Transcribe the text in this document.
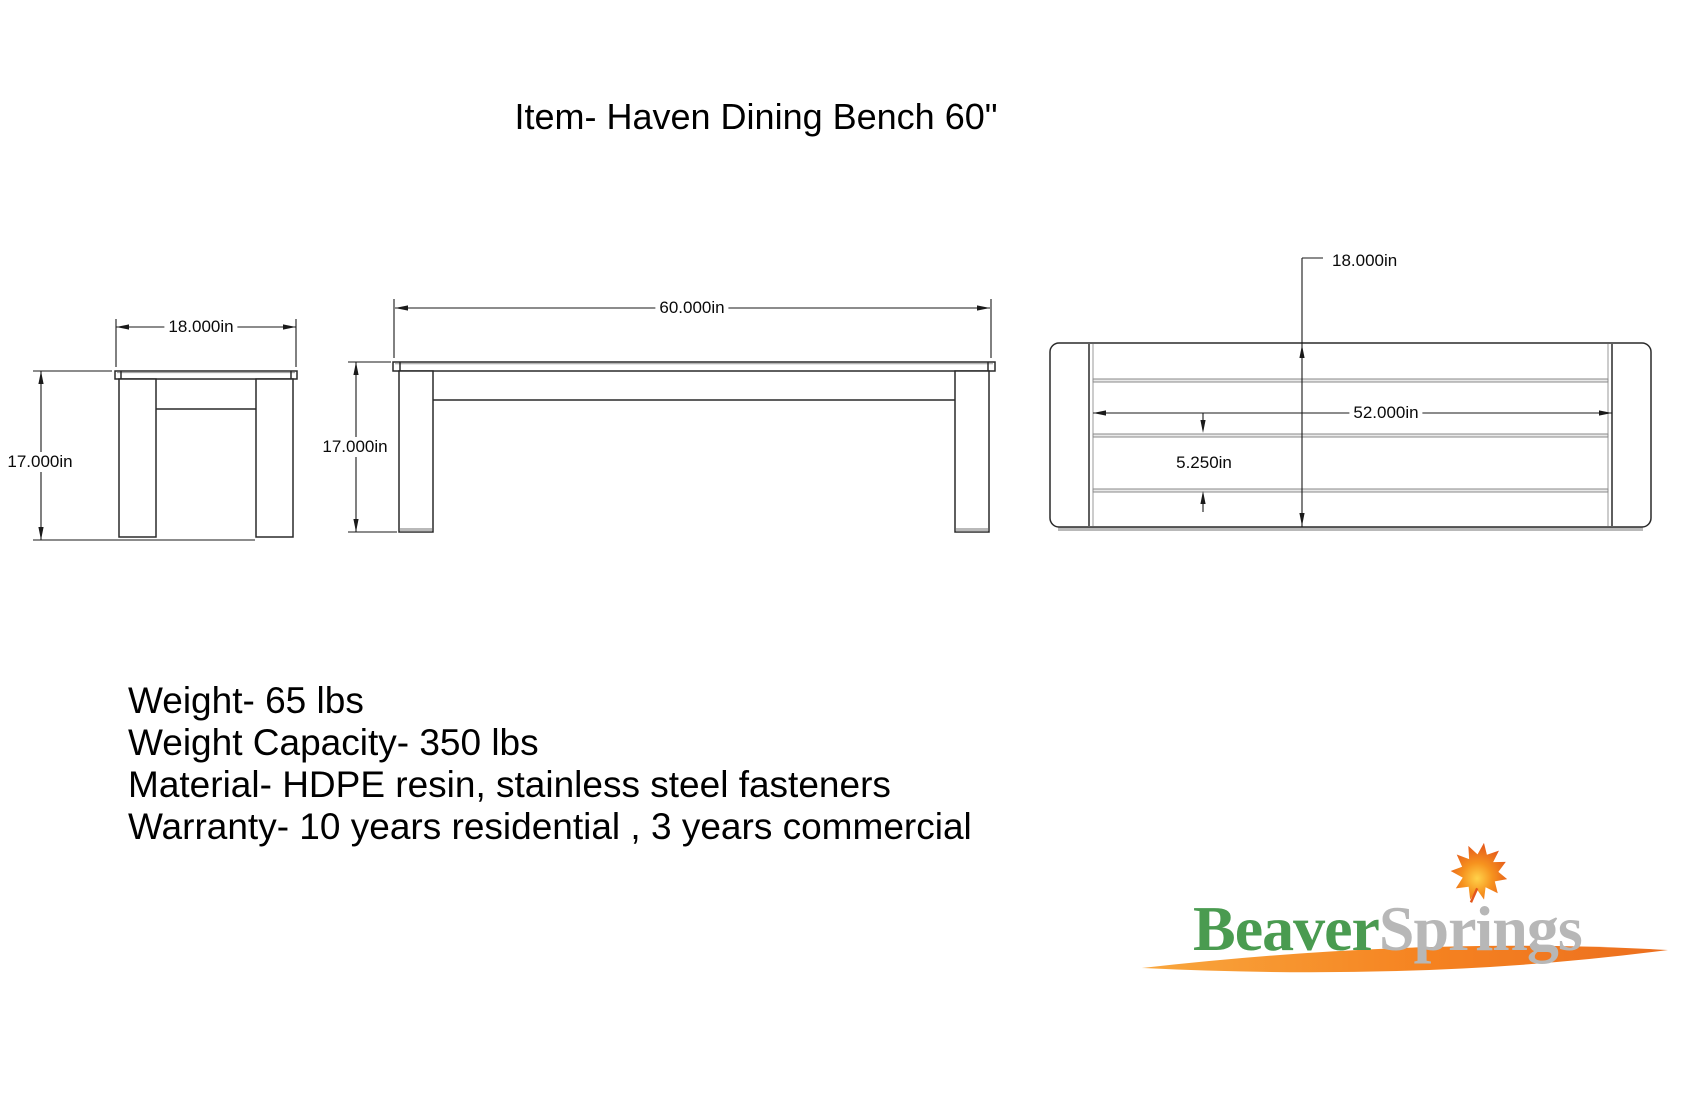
Item- Haven Dining Bench 60"
18.000in
17.000in
60.000in
17.000in
18.000in
52.000in
5.250in
Weight- 65 lbs
Weight Capacity- 350 lbs
Material- HDPE resin, stainless steel fasteners
Warranty- 10 years residential , 3 years commercial
BeaverSprings
